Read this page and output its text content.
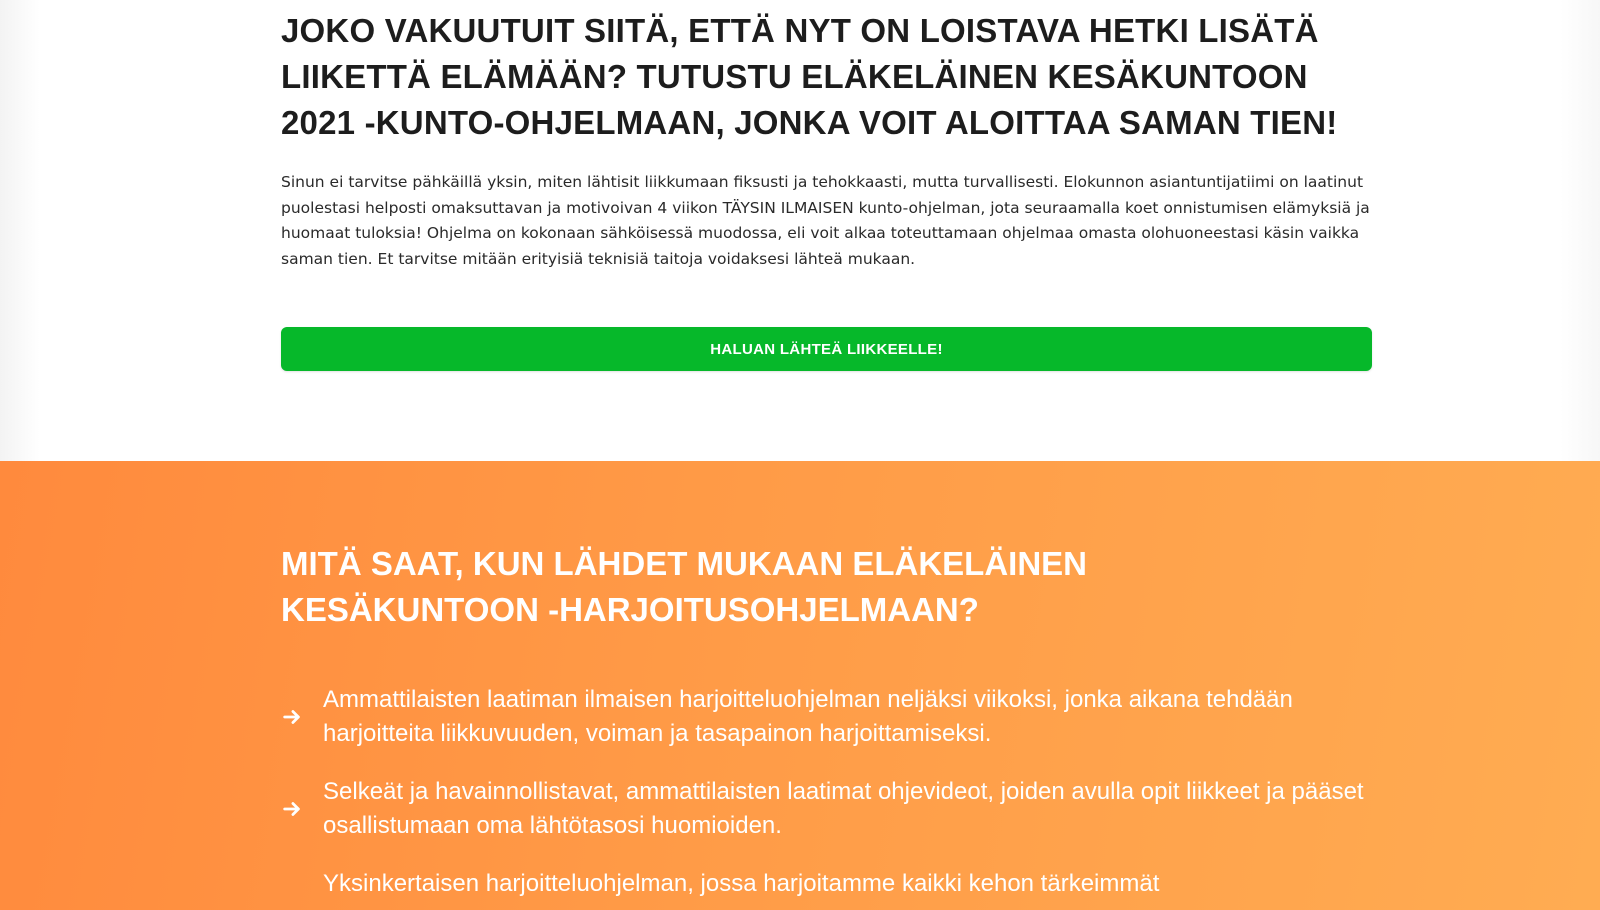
JOKO VAKUUTUIT SIITÄ, ETTÄ NYT ON LOISTAVA HETKI LISÄTÄ LIIKETTÄ ELÄMÄÄN? TUTUSTU ELÄKELÄINEN KESÄKUNTOON 2021 -KUNTO-OHJELMAAN, JONKA VOIT ALOITTAA SAMAN TIEN!

Sinun ei tarvitse pähkäillä yksin, miten lähtisit liikkumaan fiksusti ja tehokkaasti, mutta turvallisesti. Elokunnon asiantuntijatiimi on laatinut puolestasi helposti omaksuttavan ja motivoivan 4 viikon TÄYSIN ILMAISEN kunto-ohjelman, jota seuraamalla koet onnistumisen elämyksiä ja huomaat tuloksia! Ohjelma on kokonaan sähköisessä muodossa, eli voit alkaa toteuttamaan ohjelmaa omasta olohuoneestasi käsin vaikka saman tien. Et tarvitse mitään erityisiä teknisiä taitoja voidaksesi lähteä mukaan.

HALUAN LÄHTEÄ LIIKKEELLE!
MITÄ SAAT, KUN LÄHDET MUKAAN ELÄKELÄINEN KESÄKUNTOON -HARJOITUSOHJELMAAN?
Ammattilaisten laatiman ilmaisen harjoitteluohjelman neljäksi viikoksi, jonka aikana tehdään harjoitteita liikkuvuuden, voiman ja tasapainon harjoittamiseksi.
Selkeät ja havainnollistavat, ammattilaisten laatimat ohjevideot, joiden avulla opit liikkeet ja pääset osallistumaan oma lähtötasosi huomioiden.
Yksinkertaisen harjoitteluohjelman, jossa harjoitamme kaikki kehon tärkeimmät
